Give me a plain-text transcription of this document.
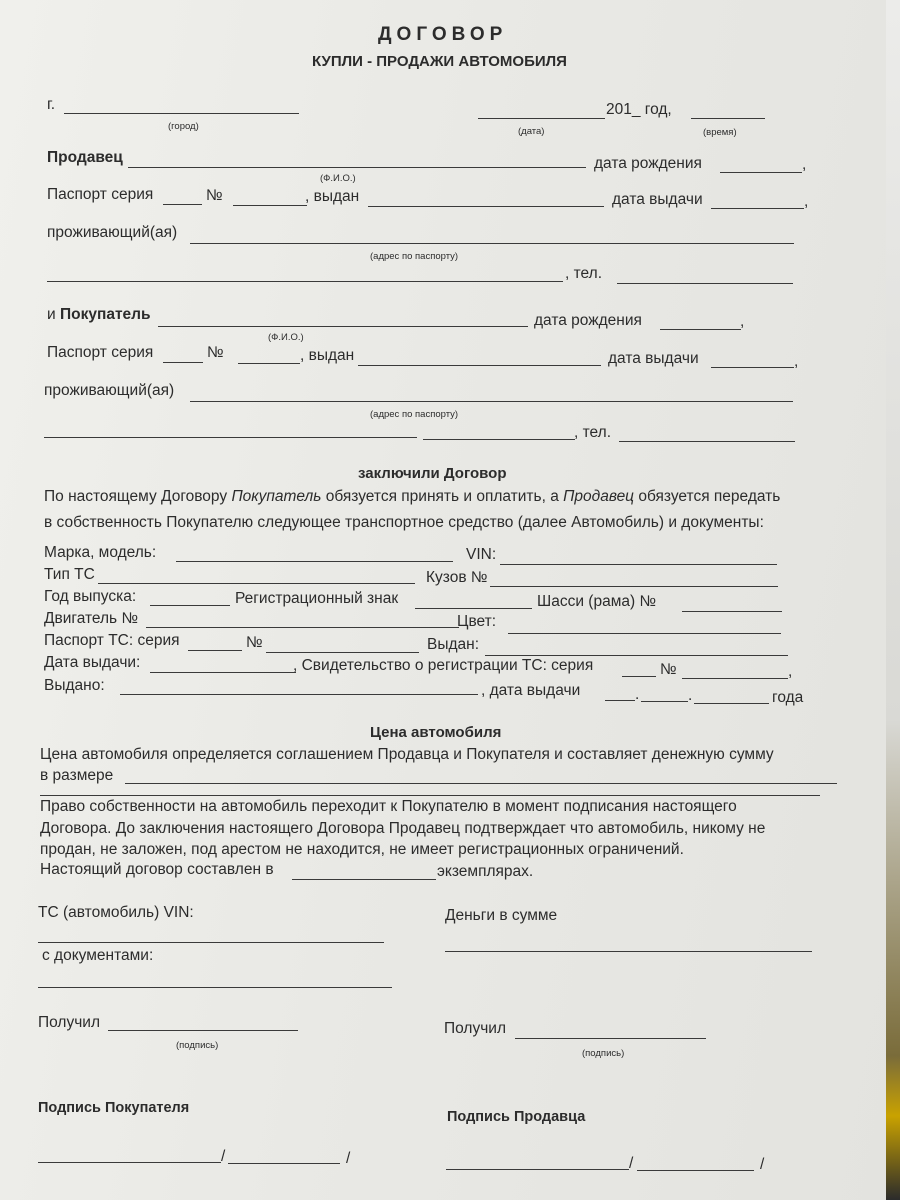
ДОГОВОР
КУПЛИ - ПРОДАЖИ АВТОМОБИЛЯ
г.
(город)
201_ год,
(дата)	(время)
Продавец	дата рождения	,
(Ф.И.О.)
Паспорт серия	№	, выдан	дата выдачи	,
проживающий(ая)
(адрес по паспорту)
, тел.
и Покупатель	дата рождения	,
(Ф.И.О.)
Паспорт серия	№	, выдан	дата выдачи	,
проживающий(ая)
(адрес по паспорту)
, тел.
заключили Договор
По настоящему Договору Покупатель обязуется принять и оплатить, а Продавец обязуется передать
в собственность Покупателю следующее транспортное средство (далее Автомобиль) и документы:
Марка, модель:	VIN:
Тип ТС	Кузов №
Год выпуска:	Регистрационный знак	Шасси (рама) №
Двигатель №	Цвет:
Паспорт ТС: серия	№	Выдан:
Дата выдачи:	, Свидетельство о регистрации ТС: серия	№	,
Выдано:	, дата выдачи	.	.	года
Цена автомобиля
Цена автомобиля определяется соглашением Продавца и Покупателя и составляет денежную сумму
в размере
Право собственности на автомобиль переходит к Покупателю в момент подписания настоящего
Договора. До заключения настоящего Договора Продавец подтверждает что автомобиль, никому не
продан, не заложен, под арестом не находится, не имеет регистрационных ограничений.
Настоящий договор составлен в	экземплярах.
ТС (автомобиль) VIN:
с документами:
Деньги в сумме
Получил
(подпись)
Получил
(подпись)
Подпись Покупателя
/	/
Подпись Продавца
/	/
